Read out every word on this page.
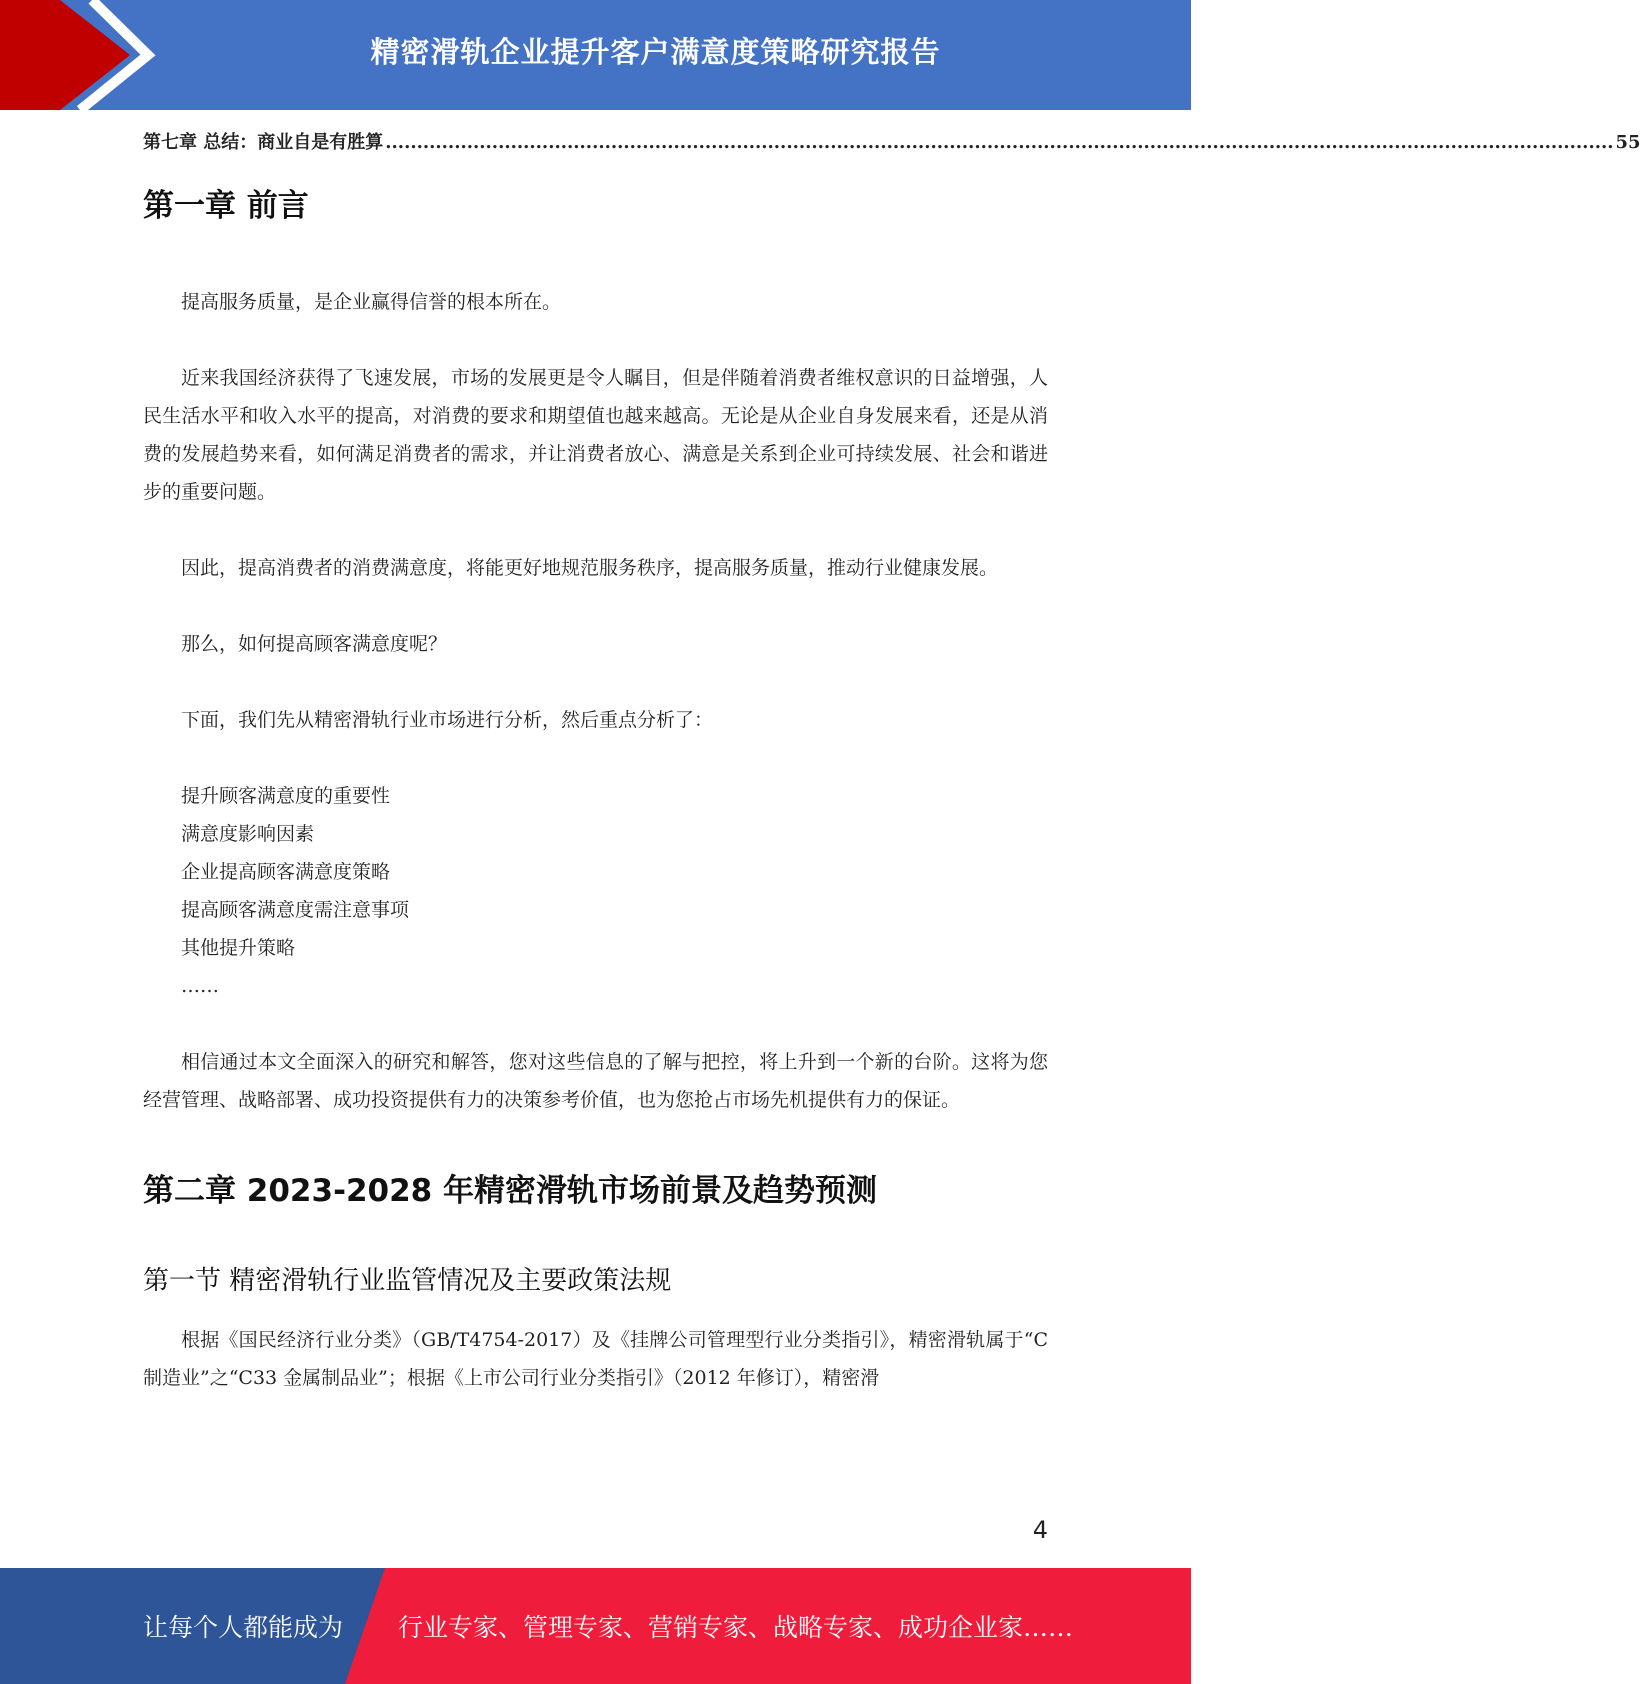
精密滑轨企业提升客户满意度策略研究报告
第七章 总结：商业自是有胜算 .................................................................................................................................................................................................... 55
第一章 前言

提高服务质量，是企业赢得信誉的根本所在。

近来我国经济获得了飞速发展，市场的发展更是令人瞩目，但是伴随着消费者维权意识的日益增强，人民生活水平和收入水平的提高，对消费的要求和期望值也越来越高。无论是从企业自身发展来看，还是从消费的发展趋势来看，如何满足消费者的需求，并让消费者放心、满意是关系到企业可持续发展、社会和谐进步的重要问题。

因此，提高消费者的消费满意度，将能更好地规范服务秩序，提高服务质量，推动行业健康发展。

那么，如何提高顾客满意度呢？

下面，我们先从精密滑轨行业市场进行分析，然后重点分析了：

提升顾客满意度的重要性
满意度影响因素
企业提高顾客满意度策略
提高顾客满意度需注意事项
其他提升策略
……

相信通过本文全面深入的研究和解答，您对这些信息的了解与把控，将上升到一个新的台阶。这将为您经营管理、战略部署、成功投资提供有力的决策参考价值，也为您抢占市场先机提供有力的保证。

第二章 2023-2028 年精密滑轨市场前景及趋势预测
第一节 精密滑轨行业监管情况及主要政策法规

根据《国民经济行业分类》（GB/T4754-2017）及《挂牌公司管理型行业分类指引》，精密滑轨属于“C 制造业”之“C33 金属制品业”；根据《上市公司行业分类指引》（2012 年修订），精密滑

4
让每个人都能成为 行业专家、管理专家、营销专家、战略专家、成功企业家……
